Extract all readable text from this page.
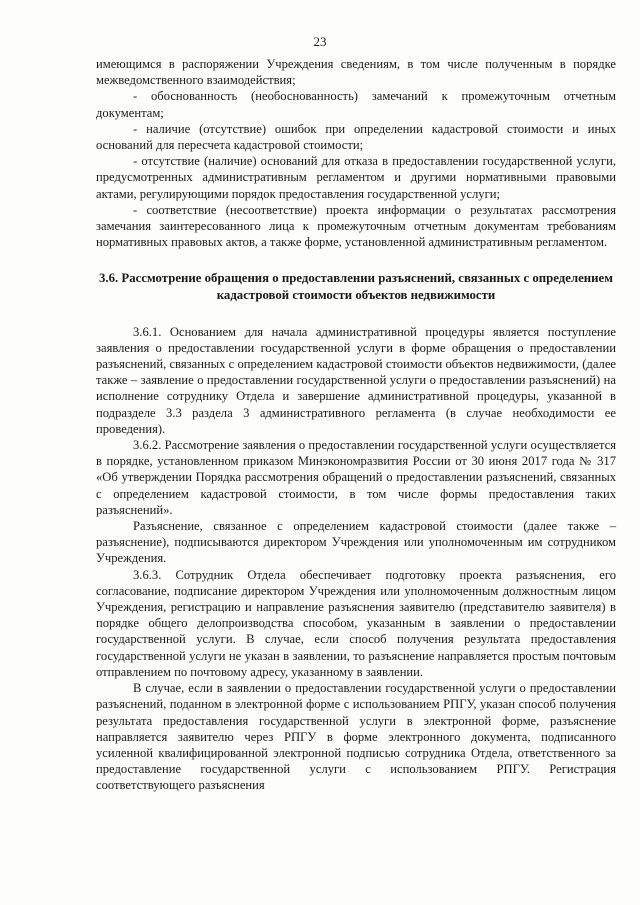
23

имеющимся в распоряжении Учреждения сведениям, в том числе полученным в порядке межведомственного взаимодействия;

- обоснованность (необоснованность) замечаний к промежуточным отчетным документам;

- наличие (отсутствие) ошибок при определении кадастровой стоимости и иных оснований для пересчета кадастровой стоимости;

- отсутствие (наличие) оснований для отказа в предоставлении государственной услуги, предусмотренных административным регламентом и другими нормативными правовыми актами, регулирующими порядок предоставления государственной услуги;

- соответствие (несоответствие) проекта информации о результатах рассмотрения замечания заинтересованного лица к промежуточным отчетным документам требованиям нормативных правовых актов, а также форме, установленной административным регламентом.

3.6. Рассмотрение обращения о предоставлении разъяснений, связанных с определением кадастровой стоимости объектов недвижимости

3.6.1. Основанием для начала административной процедуры является поступление заявления о предоставлении государственной услуги в форме обращения о предоставлении разъяснений, связанных с определением кадастровой стоимости объектов недвижимости, (далее также – заявление о предоставлении государственной услуги о предоставлении разъяснений) на исполнение сотруднику Отдела и завершение административной процедуры, указанной в подразделе 3.3 раздела 3 административного регламента (в случае необходимости ее проведения).

3.6.2. Рассмотрение заявления о предоставлении государственной услуги осуществляется в порядке, установленном приказом Минэкономразвития России от 30 июня 2017 года № 317 «Об утверждении Порядка рассмотрения обращений о предоставлении разъяснений, связанных с определением кадастровой стоимости, в том числе формы предоставления таких разъяснений».

Разъяснение, связанное с определением кадастровой стоимости (далее также – разъяснение), подписываются директором Учреждения или уполномоченным им сотрудником Учреждения.

3.6.3. Сотрудник Отдела обеспечивает подготовку проекта разъяснения, его согласование, подписание директором Учреждения или уполномоченным должностным лицом Учреждения, регистрацию и направление разъяснения заявителю (представителю заявителя) в порядке общего делопроизводства способом, указанным в заявлении о предоставлении государственной услуги. В случае, если способ получения результата предоставления государственной услуги не указан в заявлении, то разъяснение направляется простым почтовым отправлением по почтовому адресу, указанному в заявлении.

В случае, если в заявлении о предоставлении государственной услуги о предоставлении разъяснений, поданном в электронной форме с использованием РПГУ, указан способ получения результата предоставления государственной услуги в электронной форме, разъяснение направляется заявителю через РПГУ в форме электронного документа, подписанного усиленной квалифицированной электронной подписью сотрудника Отдела, ответственного за предоставление государственной услуги с использованием РПГУ. Регистрация соответствующего разъяснения
